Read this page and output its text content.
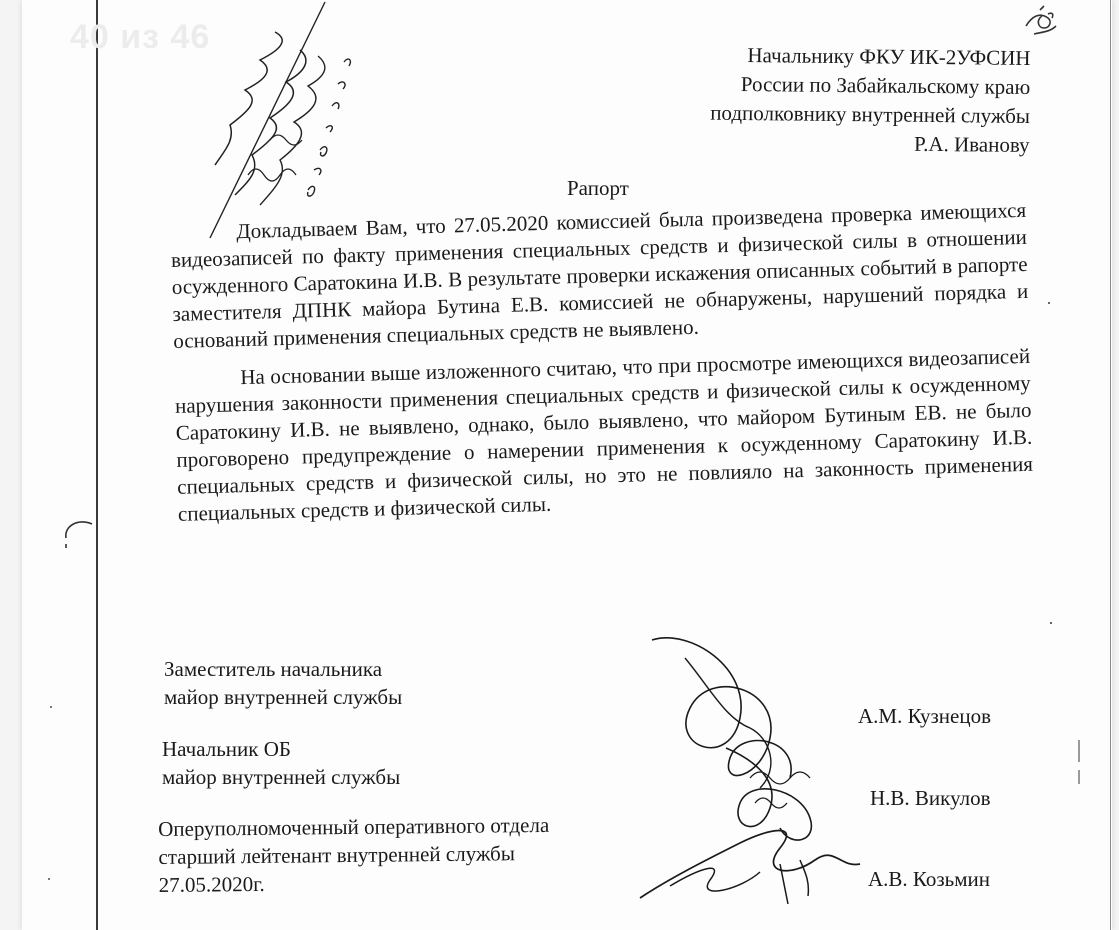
40 из 46
Начальнику ФКУ ИК-2УФСИН
России по Забайкальскому краю
подполковнику внутренней службы
Р.А. Иванову
Рапорт

Докладываем Вам, что 27.05.2020 комиссией была произведена проверка имеющихся видеозаписей по факту применения специальных средств и физической силы в отношении осужденного Саратокина И.В. В результате проверки искажения описанных событий в рапорте заместителя ДПНК майора Бутина Е.В. комиссией не обнаружены, нарушений порядка и оснований применения специальных средств не выявлено.

На основании выше изложенного считаю, что при просмотре имеющихся видеозаписей нарушения законности применения специальных средств и физической силы к осужденному Саратокину И.В. не выявлено, однако, было выявлено, что майором Бутиным ЕВ. не было проговорено предупреждение о намерении применения к осужденному Саратокину И.В. специальных средств и физической силы, но это не повлияло на законность применения специальных средств и физической силы.

Заместитель начальника
майор внутренней службы
Начальник ОБ
майор внутренней службы
Оперуполномоченный оперативного отдела
старший лейтенант внутренней службы
27.05.2020г.
А.М. Кузнецов
Н.В. Викулов
А.В. Козьмин
